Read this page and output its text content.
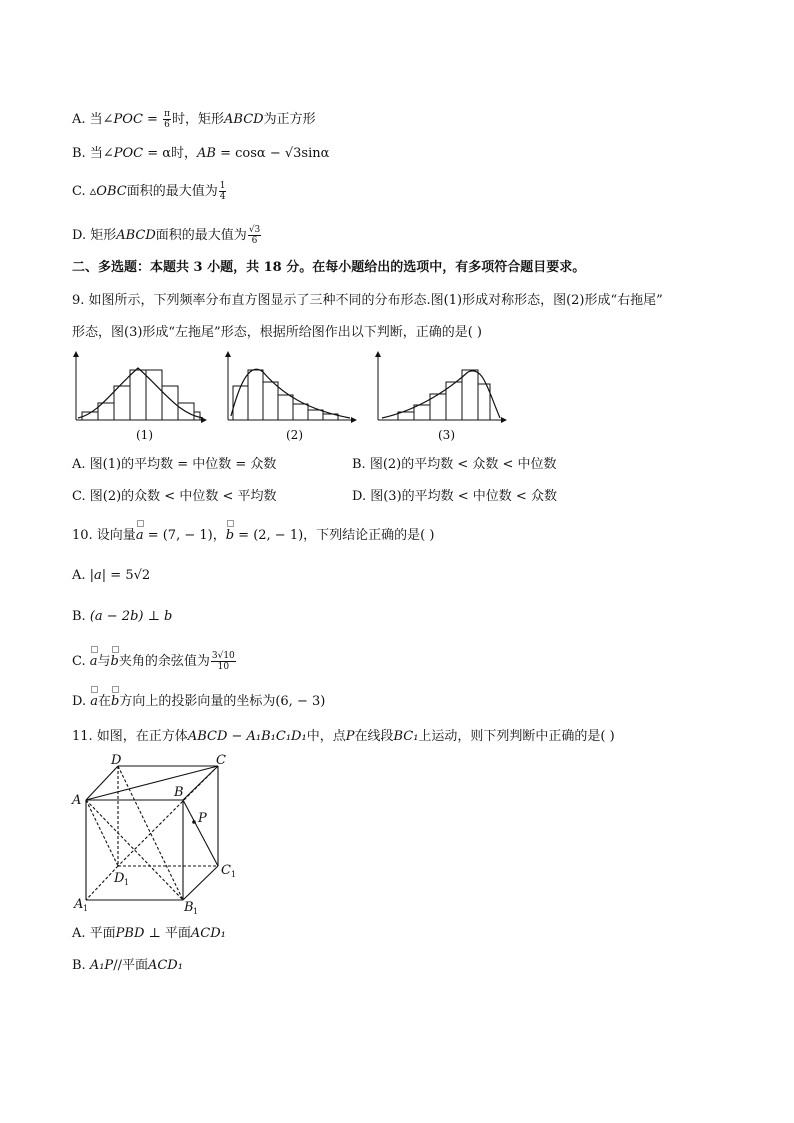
A. 当∠POC = $\frac{\pi}{6}$ 时，矩形ABCD为正方形
B. 当∠POC = α时，AB = cosα − √3sinα
C. ▵OBC面积的最大值为 $\frac{1}{4}$
D. 矩形ABCD面积的最大值为 $\frac{√3}{6}$
二、多选题：本题共 3 小题，共 18 分。在每小题给出的选项中，有多项符合题目要求。
9. 如图所示，下列频率分布直方图显示了三种不同的分布形态.图(1)形成对称形态，图(2)形成“右拖尾”
形态，图(3)形成“左拖尾”形态，根据所给图作出以下判断，正确的是( )
(1)	(2)	(3)
A. 图(1)的平均数 = 中位数 = 众数	B. 图(2)的平均数 < 众数 < 中位数
C. 图(2)的众数 < 中位数 < 平均数	D. 图(3)的平均数 < 中位数 < 众数
10. 设向量a = (7, − 1)，b = (2, − 1)，下列结论正确的是( )
A. |a| = 5√2
B. (a − 2b) ⊥ b
C. a与b夹角的余弦值为 $\frac{3√10}{10}$
D. a在b方向上的投影向量的坐标为(6, − 3)
11. 如图，在正方体ABCD − A₁B₁C₁D₁中，点P在线段BC₁上运动，则下列判断中正确的是( )
D	C
A
B
P
D 1
C 1
A 1	B 1
A. 平面PBD ⊥ 平面ACD₁
B. A₁P//平面ACD₁
